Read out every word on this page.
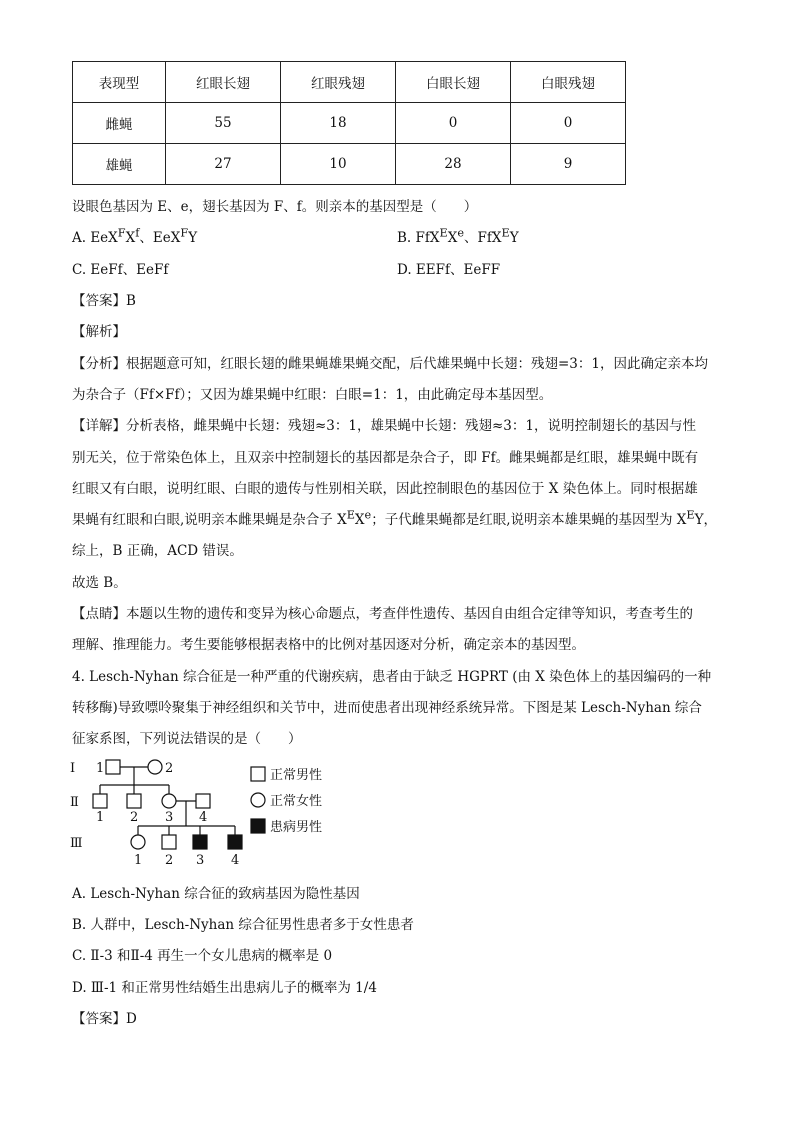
表现型	红眼长翅	红眼残翅	白眼长翅	白眼残翅
雌蝇	55	18	0	0
雄蝇	27	10	28	9
设眼色基因为 E、e，翅长基因为 F、f。则亲本的基因型是（　　）
A. $EeX^FX^f$、EeX$^F$Y	B. FfX$^E$Xe、FfX$^E$Y
C. EeFf、EeFf	D. EEFf、EeFF
【答案】B
【解析】
【分析】根据题意可知，红眼长翅的雌果蝇雄果蝇交配，后代雄果蝇中长翅：残翅=3：1，因此确定亲本均
为杂合子（Ff×Ff）；又因为雄果蝇中红眼：白眼=1：1，由此确定母本基因型。
【详解】分析表格，雌果蝇中长翅：残翅≈3：1，雄果蝇中长翅：残翅≈3：1，说明控制翅长的基因与性
别无关，位于常染色体上，且双亲中控制翅长的基因都是杂合子，即 Ff。雌果蝇都是红眼，雄果蝇中既有
红眼又有白眼，说明红眼、白眼的遗传与性别相关联，因此控制眼色的基因位于 X 染色体上。同时根据雄
果蝇有红眼和白眼,说明亲本雌果蝇是杂合子 $X^EXe$；子代雌果蝇都是红眼,说明亲本雄果蝇的基因型为 $X^EY$，
综上，B 正确，ACD 错误。
故选 B。
【点睛】本题以生物的遗传和变异为核心命题点，考查伴性遗传、基因自由组合定律等知识，考查考生的
理解、推理能力。考生要能够根据表格中的比例对基因逐对分析，确定亲本的基因型。
4. Lesch-Nyhan 综合征是一种严重的代谢疾病，患者由于缺乏 HGPRT (由 X 染色体上的基因编码的一种
转移酶)导致嘌呤聚集于神经组织和关节中，进而使患者出现神经系统异常。下图是某 Lesch-Nyhan 综合
征家系图，下列说法错误的是（　　）
Ⅰ
Ⅱ
Ⅲ
1	2
1 2 3 4
1 2 3 4
正常男性
正常女性
患病男性
A. Lesch-Nyhan 综合征的致病基因为隐性基因
B. 人群中，Lesch-Nyhan 综合征男性患者多于女性患者
C. Ⅱ-3 和Ⅱ-4 再生一个女儿患病的概率是 0
D. Ⅲ-1 和正常男性结婚生出患病儿子的概率为 1/4
【答案】D
